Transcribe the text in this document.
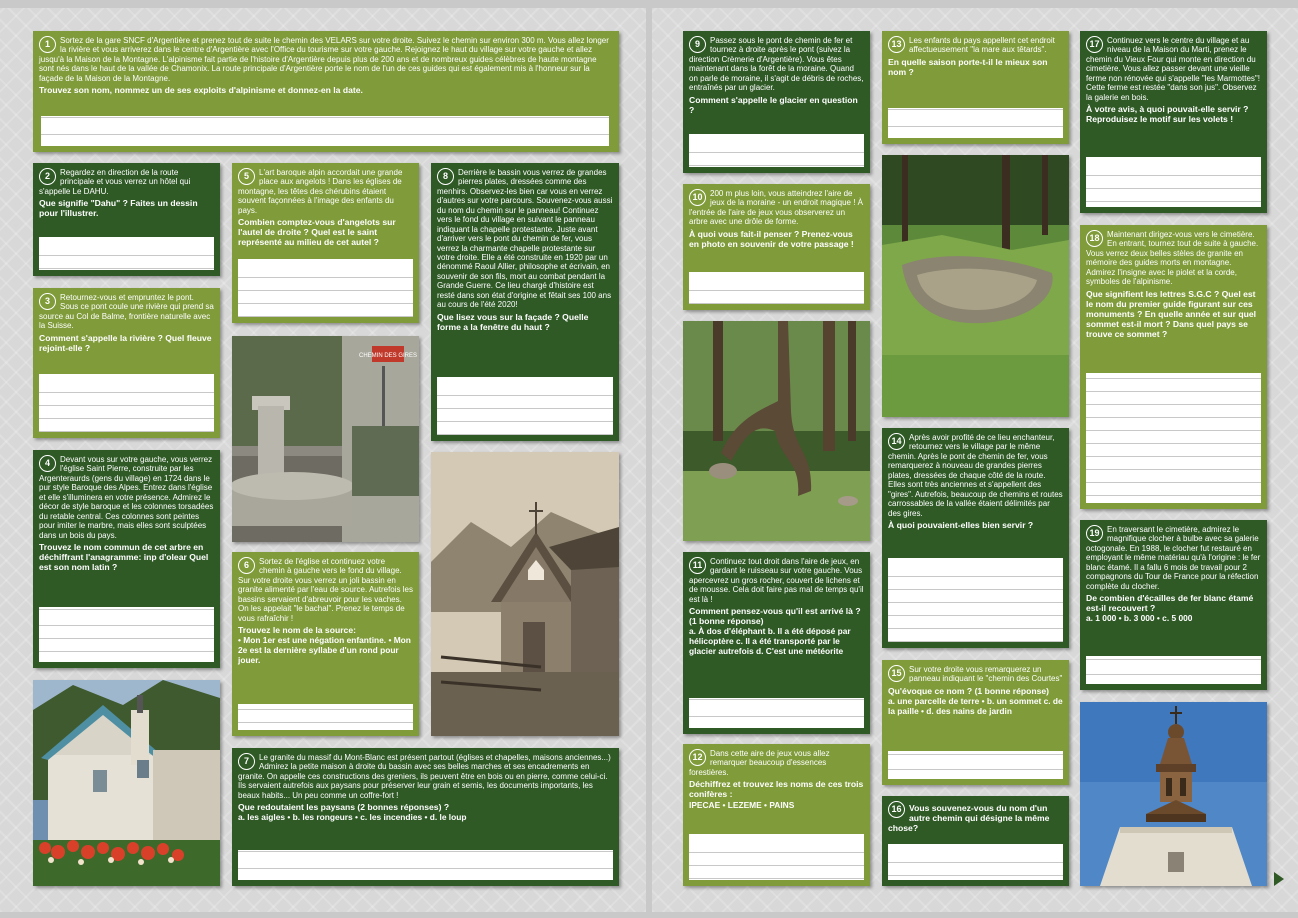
1	Sortez de la gare SNCF d'Argentière et prenez tout de suite le chemin des VELARS sur votre droite. Suivez le chemin sur environ 300 m. Vous allez longer la rivière et vous arriverez dans le centre d'Argentière avec l'Office du tourisme sur votre gauche. Rejoignez le haut du village sur votre gauche et allez jusqu'à la Maison de la Montagne. L'alpinisme fait partie de l'histoire d'Argentière depuis plus de 200 ans et de nombreux guides célèbres de haute montagne sont nés dans le haut de la vallée de Chamonix. La route principale d'Argentière porte le nom de l'un de ces guides qui est également mis à l'honneur sur la façade de la Maison de la Montagne.
Trouvez son nom, nommez un de ses exploits d'alpinisme et donnez-en la date.
2	Regardez en direction de la route principale et vous verrez un hôtel qui s'appelle Le DAHU.
Que signifie "Dahu" ? Faites un dessin pour l'illustrer.
3	Retournez-vous et empruntez le pont. Sous ce pont coule une rivière qui prend sa source au Col de Balme, frontière naturelle avec la Suisse.
Comment s'appelle la rivière ? Quel fleuve rejoint-elle ?
4	Devant vous sur votre gauche, vous verrez l'église Saint Pierre, construite par les Argenteraurds (gens du village) en 1724 dans le pur style Baroque des Alpes. Entrez dans l'église et elle s'illuminera en votre présence. Admirez le décor de style baroque et les colonnes torsadées du retable central. Ces colonnes sont peintes pour imiter le marbre, mais elles sont sculptées dans un bois du pays.
Trouvez le nom commun de cet arbre en déchiffrant l'anagramme: inp d'olear Quel est son nom latin ?
5	L'art baroque alpin accordait une grande place aux angelots ! Dans les églises de montagne, les têtes des chérubins étaient souvent façonnées à l'image des enfants du pays.
Combien comptez-vous d'angelots sur l'autel de droite ? Quel est le saint représenté au milieu de cet autel ?
CHEMIN DES GIRES
6	Sortez de l'église et continuez votre chemin à gauche vers le fond du village. Sur votre droite vous verrez un joli bassin en granite alimenté par l'eau de source. Autrefois les bassins servaient d'abreuvoir pour les vaches. On les appelait "le bachal". Prenez le temps de vous rafraîchir !
Trouvez le nom de la source:
• Mon 1er est une négation enfantine. • Mon 2e est la dernière syllabe d'un rond pour jouer.
8	Derrière le bassin vous verrez de grandes pierres plates, dressées comme des menhirs. Observez-les bien car vous en verrez d'autres sur votre parcours. Souvenez-vous aussi du nom du chemin sur le panneau! Continuez vers le fond du village en suivant le panneau indiquant la chapelle protestante. Juste avant d'arriver vers le pont du chemin de fer, vous verrez la charmante chapelle protestante sur votre droite. Elle a été construite en 1920 par un dénommé Raoul Allier, philosophe et écrivain, en souvenir de son fils, mort au combat pendant la Grande Guerre. Ce lieu chargé d'histoire est resté dans son état d'origine et fêtait ses 100 ans au cours de l'été 2020!
Que lisez vous sur la façade ? Quelle forme a la fenêtre du haut ?
7	Le granite du massif du Mont-Blanc est présent partout (églises et chapelles, maisons anciennes...) Admirez la petite maison à droite du bassin avec ses belles marches et ses encadrements en granite. On appelle ces constructions des greniers, ils peuvent être en bois ou en pierre, comme celui-ci. Ils servaient autrefois aux paysans pour préserver leur grain et semis, les documents importants, les beaux habits... Un peu comme un coffre-fort !
Que redoutaient les paysans (2 bonnes réponses) ?
a. les aigles • b. les rongeurs • c. les incendies • d. le loup
9	Passez sous le pont de chemin de fer et tournez à droite après le pont (suivez la direction Crèmerie d'Argentière). Vous êtes maintenant dans la forêt de la moraine. Quand on parle de moraine, il s'agit de débris de roches, entraînés par un glacier.
Comment s'appelle le glacier en question ?
10 200 m plus loin, vous atteindrez l'aire de jeux de la moraine - un endroit magique ! À l'entrée de l'aire de jeux vous observerez un arbre avec une drôle de forme.
À quoi vous fait-il penser ? Prenez-vous en photo en souvenir de votre passage !
11 Continuez tout droit dans l'aire de jeux, en gardant le ruisseau sur votre gauche. Vous apercevrez un gros rocher, couvert de lichens et de mousse. Cela doit faire pas mal de temps qu'il est là !
Comment pensez-vous qu'il est arrivé là ? (1 bonne réponse)
a. À dos d'éléphant b. Il a été déposé par hélicoptère c. Il a été transporté par le glacier autrefois d. C'est une météorite
12 Dans cette aire de jeux vous allez remarquer beaucoup d'essences forestières.
Déchiffrez et trouvez les noms de ces trois conifères :
IPECAE • LEZEME • PAINS
13 Les enfants du pays appellent cet endroit affectueusement "la mare aux têtards".
En quelle saison porte-t-il le mieux son nom ?
14 Après avoir profité de ce lieu enchanteur, retournez vers le village par le même chemin. Après le pont de chemin de fer, vous remarquerez à nouveau de grandes pierres plates, dressées de chaque côté de la route. Elles sont très anciennes et s'appellent des "gires". Autrefois, beaucoup de chemins et routes carrossables de la vallée étaient délimités par des gires.
À quoi pouvaient-elles bien servir ?
15 Sur votre droite vous remarquerez un panneau indiquant le "chemin des Courtes"
Qu'évoque ce nom ? (1 bonne réponse)
a. une parcelle de terre • b. un sommet c. de la paille • d. des nains de jardin
16 Vous souvenez-vous du nom d'un autre chemin qui désigne la même chose?
17 Continuez vers le centre du village et au niveau de la Maison du Marti, prenez le chemin du Vieux Four qui monte en direction du cimetière. Vous allez passer devant une vieille ferme non rénovée qui s'appelle "les Marmottes"! Cette ferme est restée "dans son jus". Observez la galerie en bois.
À votre avis, à quoi pouvait-elle servir ? Reproduisez le motif sur les volets !
18 Maintenant dirigez-vous vers le cimetière. En entrant, tournez tout de suite à gauche. Vous verrez deux belles stèles de granite en mémoire des guides morts en montagne. Admirez l'insigne avec le piolet et la corde, symboles de l'alpinisme.
Que signifient les lettres S.G.C ? Quel est le nom du premier guide figurant sur ces monuments ? En quelle année et sur quel sommet est-il mort ? Dans quel pays se trouve ce sommet ?
19 En traversant le cimetière, admirez le magnifique clocher à bulbe avec sa galerie octogonale. En 1988, le clocher fut restauré en employant le même matériau qu'à l'origine : le fer blanc étamé. Il a fallu 6 mois de travail pour 2 compagnons du Tour de France pour la réfection complète du clocher.
De combien d'écailles de fer blanc étamé est-il recouvert ?
a. 1 000 • b. 3 000 • c. 5 000
